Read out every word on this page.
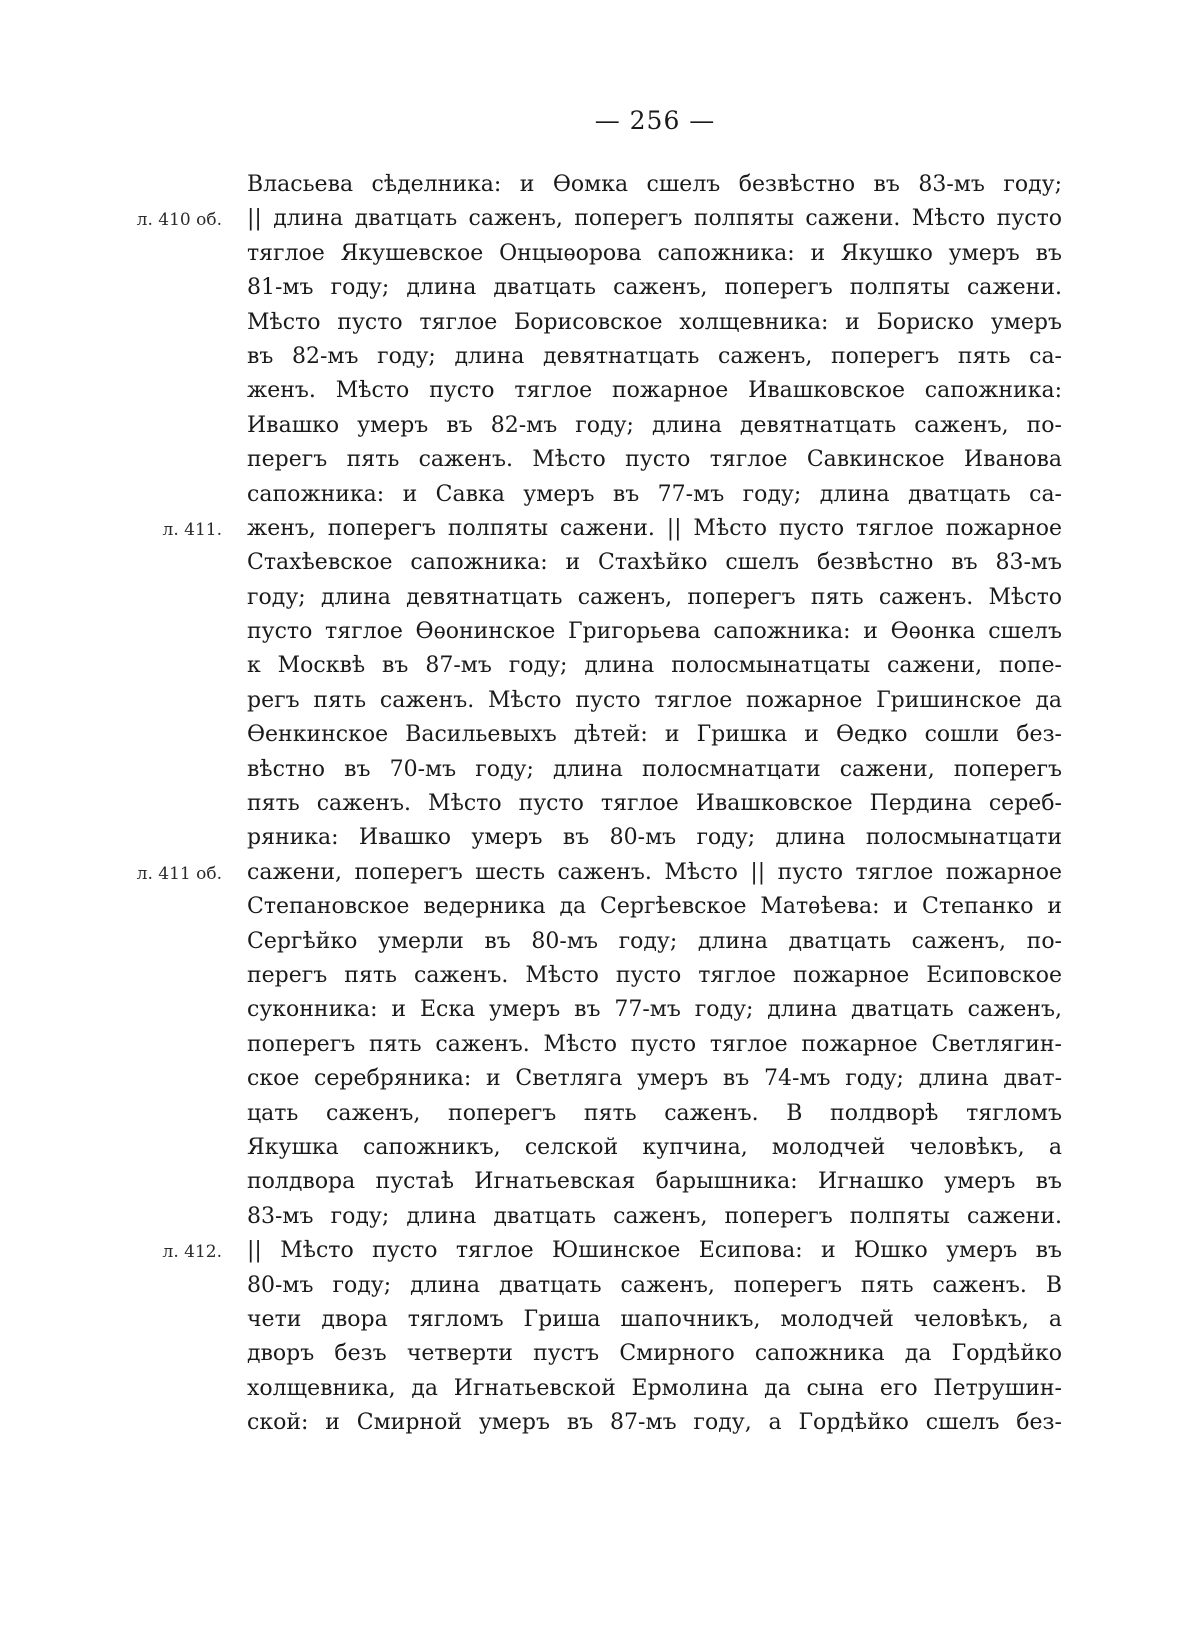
— 256 —
Власьева сѣделника: и Ѳомка сшелъ безвѣстно въ 83-мъ году;
|| длина дватцать саженъ, поперегъ полпяты сажени. Мѣсто пусто
л. 410 об.
тяглое Якушевское Онцыѳорова сапожника: и Якушко умеръ въ
81-мъ году; длина дватцать саженъ, поперегъ полпяты сажени.
Мѣсто пусто тяглое Борисовское холщевника: и Бориско умеръ
въ 82-мъ году; длина девятнатцать саженъ, поперегъ пять са-
женъ. Мѣсто пусто тяглое пожарное Ивашковское сапожника:
Ивашко умеръ въ 82-мъ году; длина девятнатцать саженъ, по-
перегъ пять саженъ. Мѣсто пусто тяглое Савкинское Иванова
сапожника: и Савка умеръ въ 77-мъ году; длина дватцать са-
женъ, поперегъ полпяты сажени. || Мѣсто пусто тяглое пожарное
л. 411.
Стахѣевское сапожника: и Стахѣйко сшелъ безвѣстно въ 83-мъ
году; длина девятнатцать саженъ, поперегъ пять саженъ. Мѣсто
пусто тяглое Ѳѳонинское Григорьева сапожника: и Ѳѳонка сшелъ
к Москвѣ въ 87-мъ году; длина полосмынатцаты сажени, попе-
регъ пять саженъ. Мѣсто пусто тяглое пожарное Гришинское да
Ѳенкинское Васильевыхъ дѣтей: и Гришка и Ѳедко сошли без-
вѣстно въ 70-мъ году; длина полосмнатцати сажени, поперегъ
пять саженъ. Мѣсто пусто тяглое Ивашковское Пердина сереб-
ряника: Ивашко умеръ въ 80-мъ году; длина полосмынатцати
сажени, поперегъ шесть саженъ. Мѣсто || пусто тяглое пожарное
л. 411 об.
Степановское ведерника да Сергѣевское Матѳѣева: и Степанко и
Сергѣйко умерли въ 80-мъ году; длина дватцать саженъ, по-
перегъ пять саженъ. Мѣсто пусто тяглое пожарное Есиповское
суконника: и Еска умеръ въ 77-мъ году; длина дватцать саженъ,
поперегъ пять саженъ. Мѣсто пусто тяглое пожарное Светлягин-
ское серебряника: и Светляга умеръ въ 74-мъ году; длина дват-
цать саженъ, поперегъ пять саженъ. В полдворѣ тягломъ
Якушка сапожникъ, селской купчина, молодчей человѣкъ, а
полдвора пустаѣ Игнатьевская барышника: Игнашко умеръ въ
83-мъ году; длина дватцать саженъ, поперегъ полпяты сажени.
|| Мѣсто пусто тяглое Юшинское Есипова: и Юшко умеръ въ
л. 412.
80-мъ году; длина дватцать саженъ, поперегъ пять саженъ. В
чети двора тягломъ Гриша шапочникъ, молодчей человѣкъ, а
дворъ безъ четверти пустъ Смирного сапожника да Гордѣйко
холщевника, да Игнатьевской Ермолина да сына его Петрушин-
ской: и Смирной умеръ въ 87-мъ году, а Гордѣйко сшелъ без-
